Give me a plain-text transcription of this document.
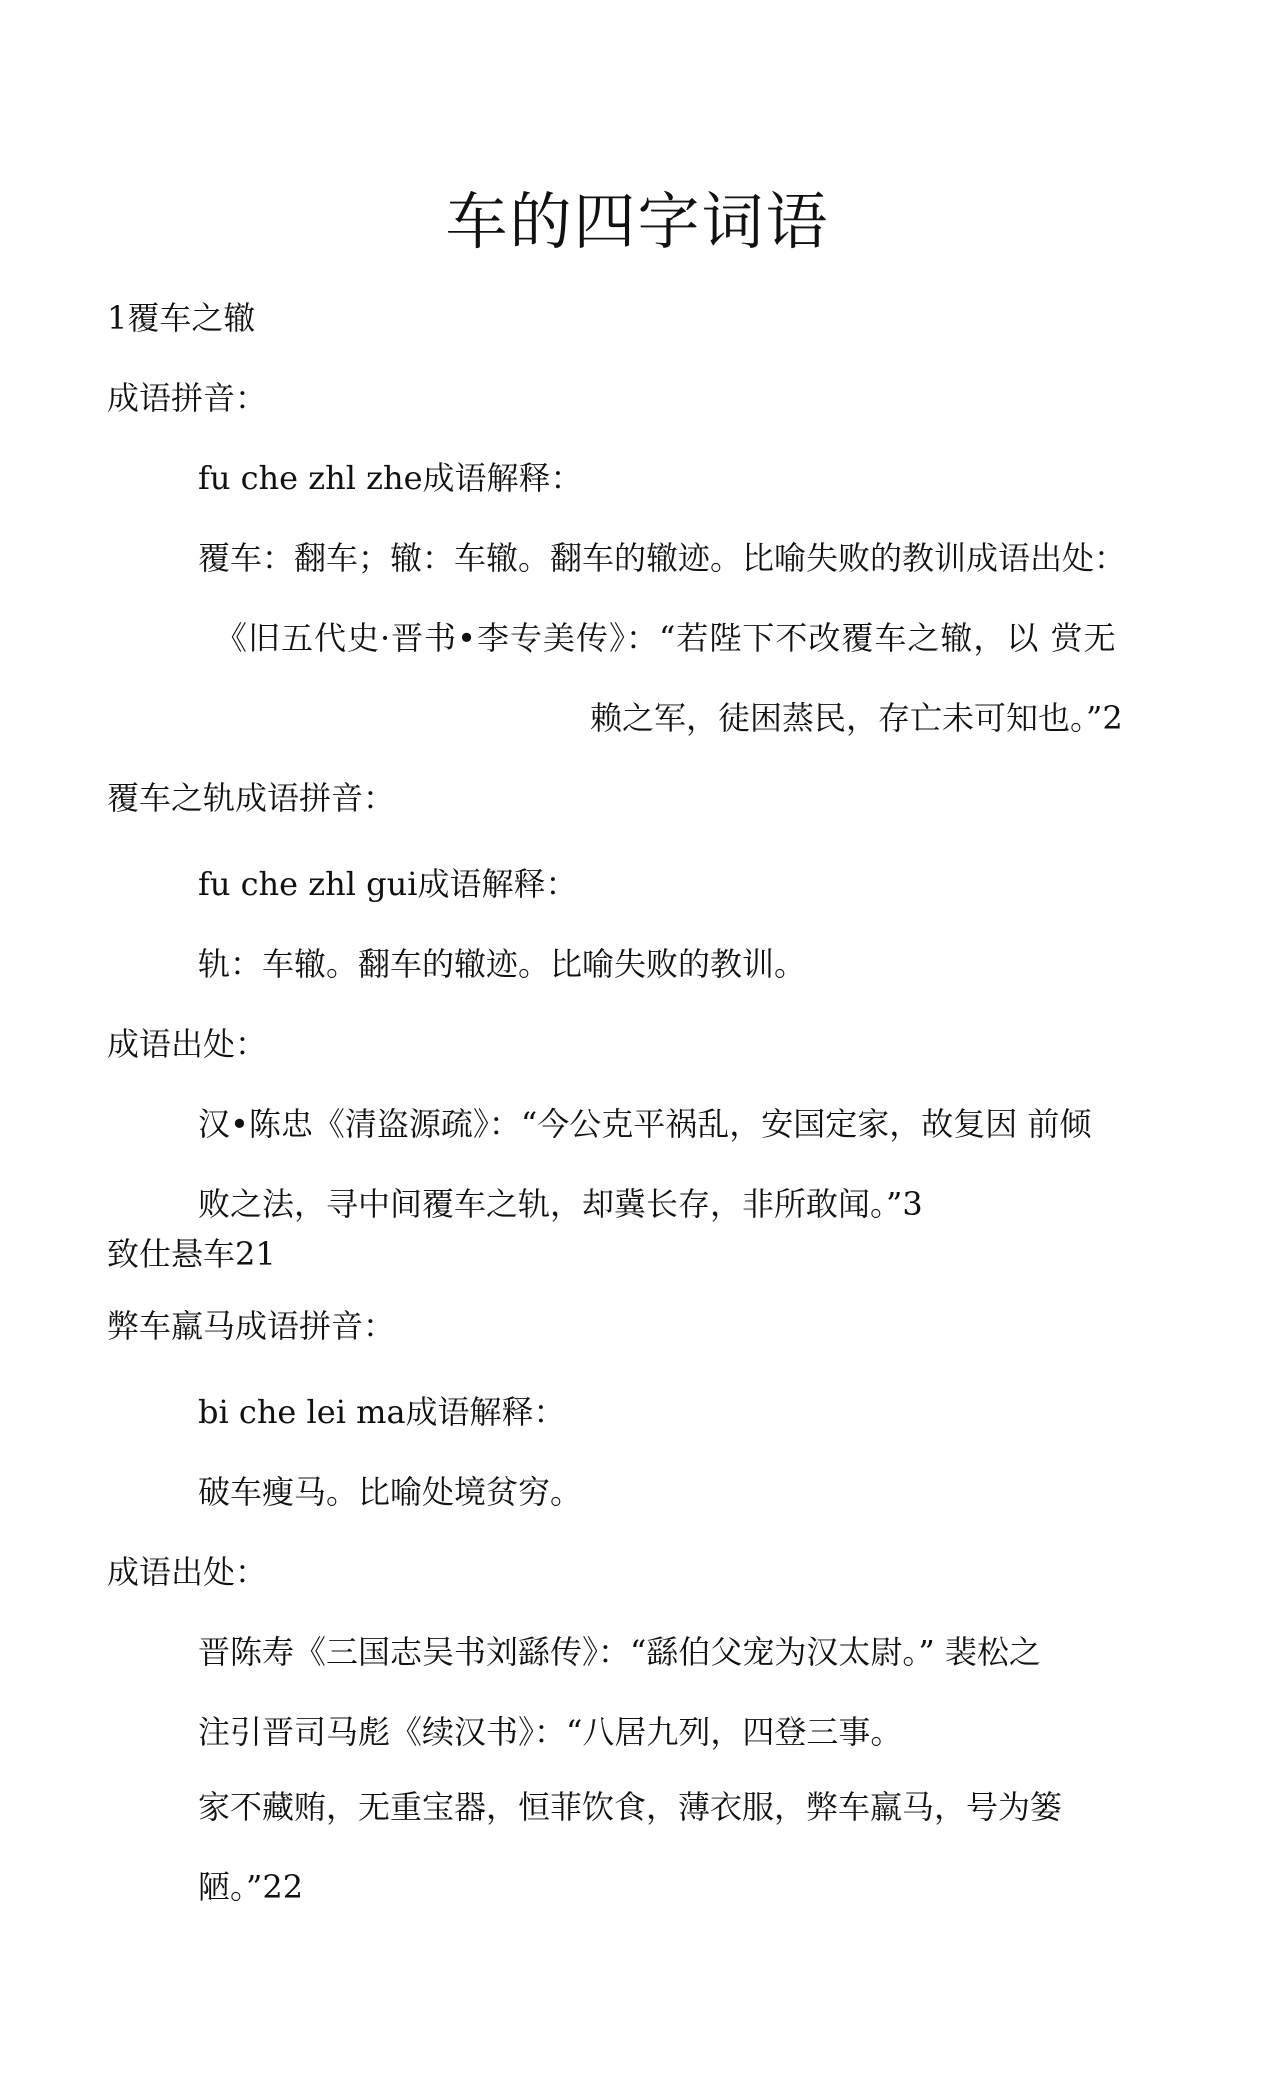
车的四字词语
1覆车之辙
成语拼音：
fu che zhl zhe成语解释：
覆车：翻车；辙：车辙。翻车的辙迹。比喻失败的教训成语出处：
《旧五代史·晋书•李专美传》：“若陛下不改覆车之辙，以 赏无
赖之军，徒困蒸民，存亡未可知也。”2
覆车之轨成语拼音：
fu che zhl gui成语解释：
轨：车辙。翻车的辙迹。比喻失败的教训。
成语出处：
汉•陈忠《清盗源疏》：“今公克平祸乱，安国定家，故复因 前倾
败之法，寻中间覆车之轨，却冀长存，非所敢闻。”3
致仕悬车21
弊车羸马成语拼音：
bi che lei ma成语解释：
破车瘦马。比喻处境贫穷。
成语出处：
晋陈寿《三国志吴书刘繇传》：“繇伯父宠为汉太尉。” 裴松之
注引晋司马彪《续汉书》：“八居九列，四登三事。
家不藏贿，无重宝器，恒菲饮食，薄衣服，弊车羸马，号为篓
陋。”22
